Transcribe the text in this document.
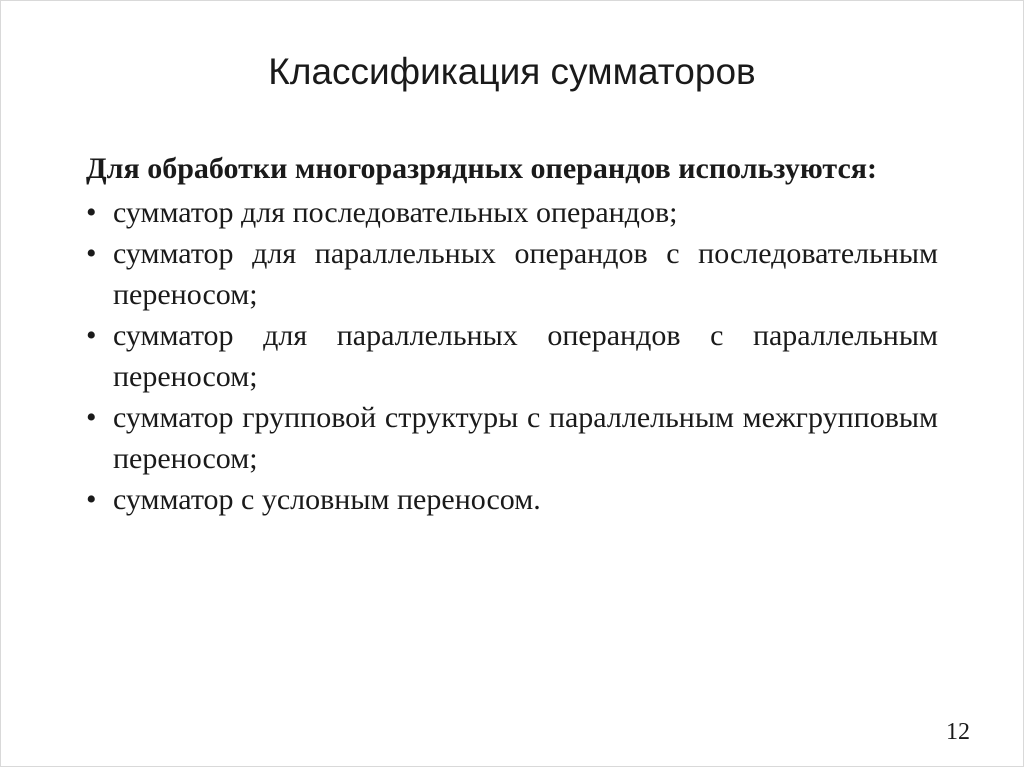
Классификация сумматоров

Для обработки многоразрядных операндов используются:

• сумматор для последовательных операндов;
• сумматор для параллельных операндов с последовательным переносом;
• сумматор для параллельных операндов с параллельным переносом;
• сумматор групповой структуры с параллельным межгрупповым переносом;
• сумматор с условным переносом.
12
